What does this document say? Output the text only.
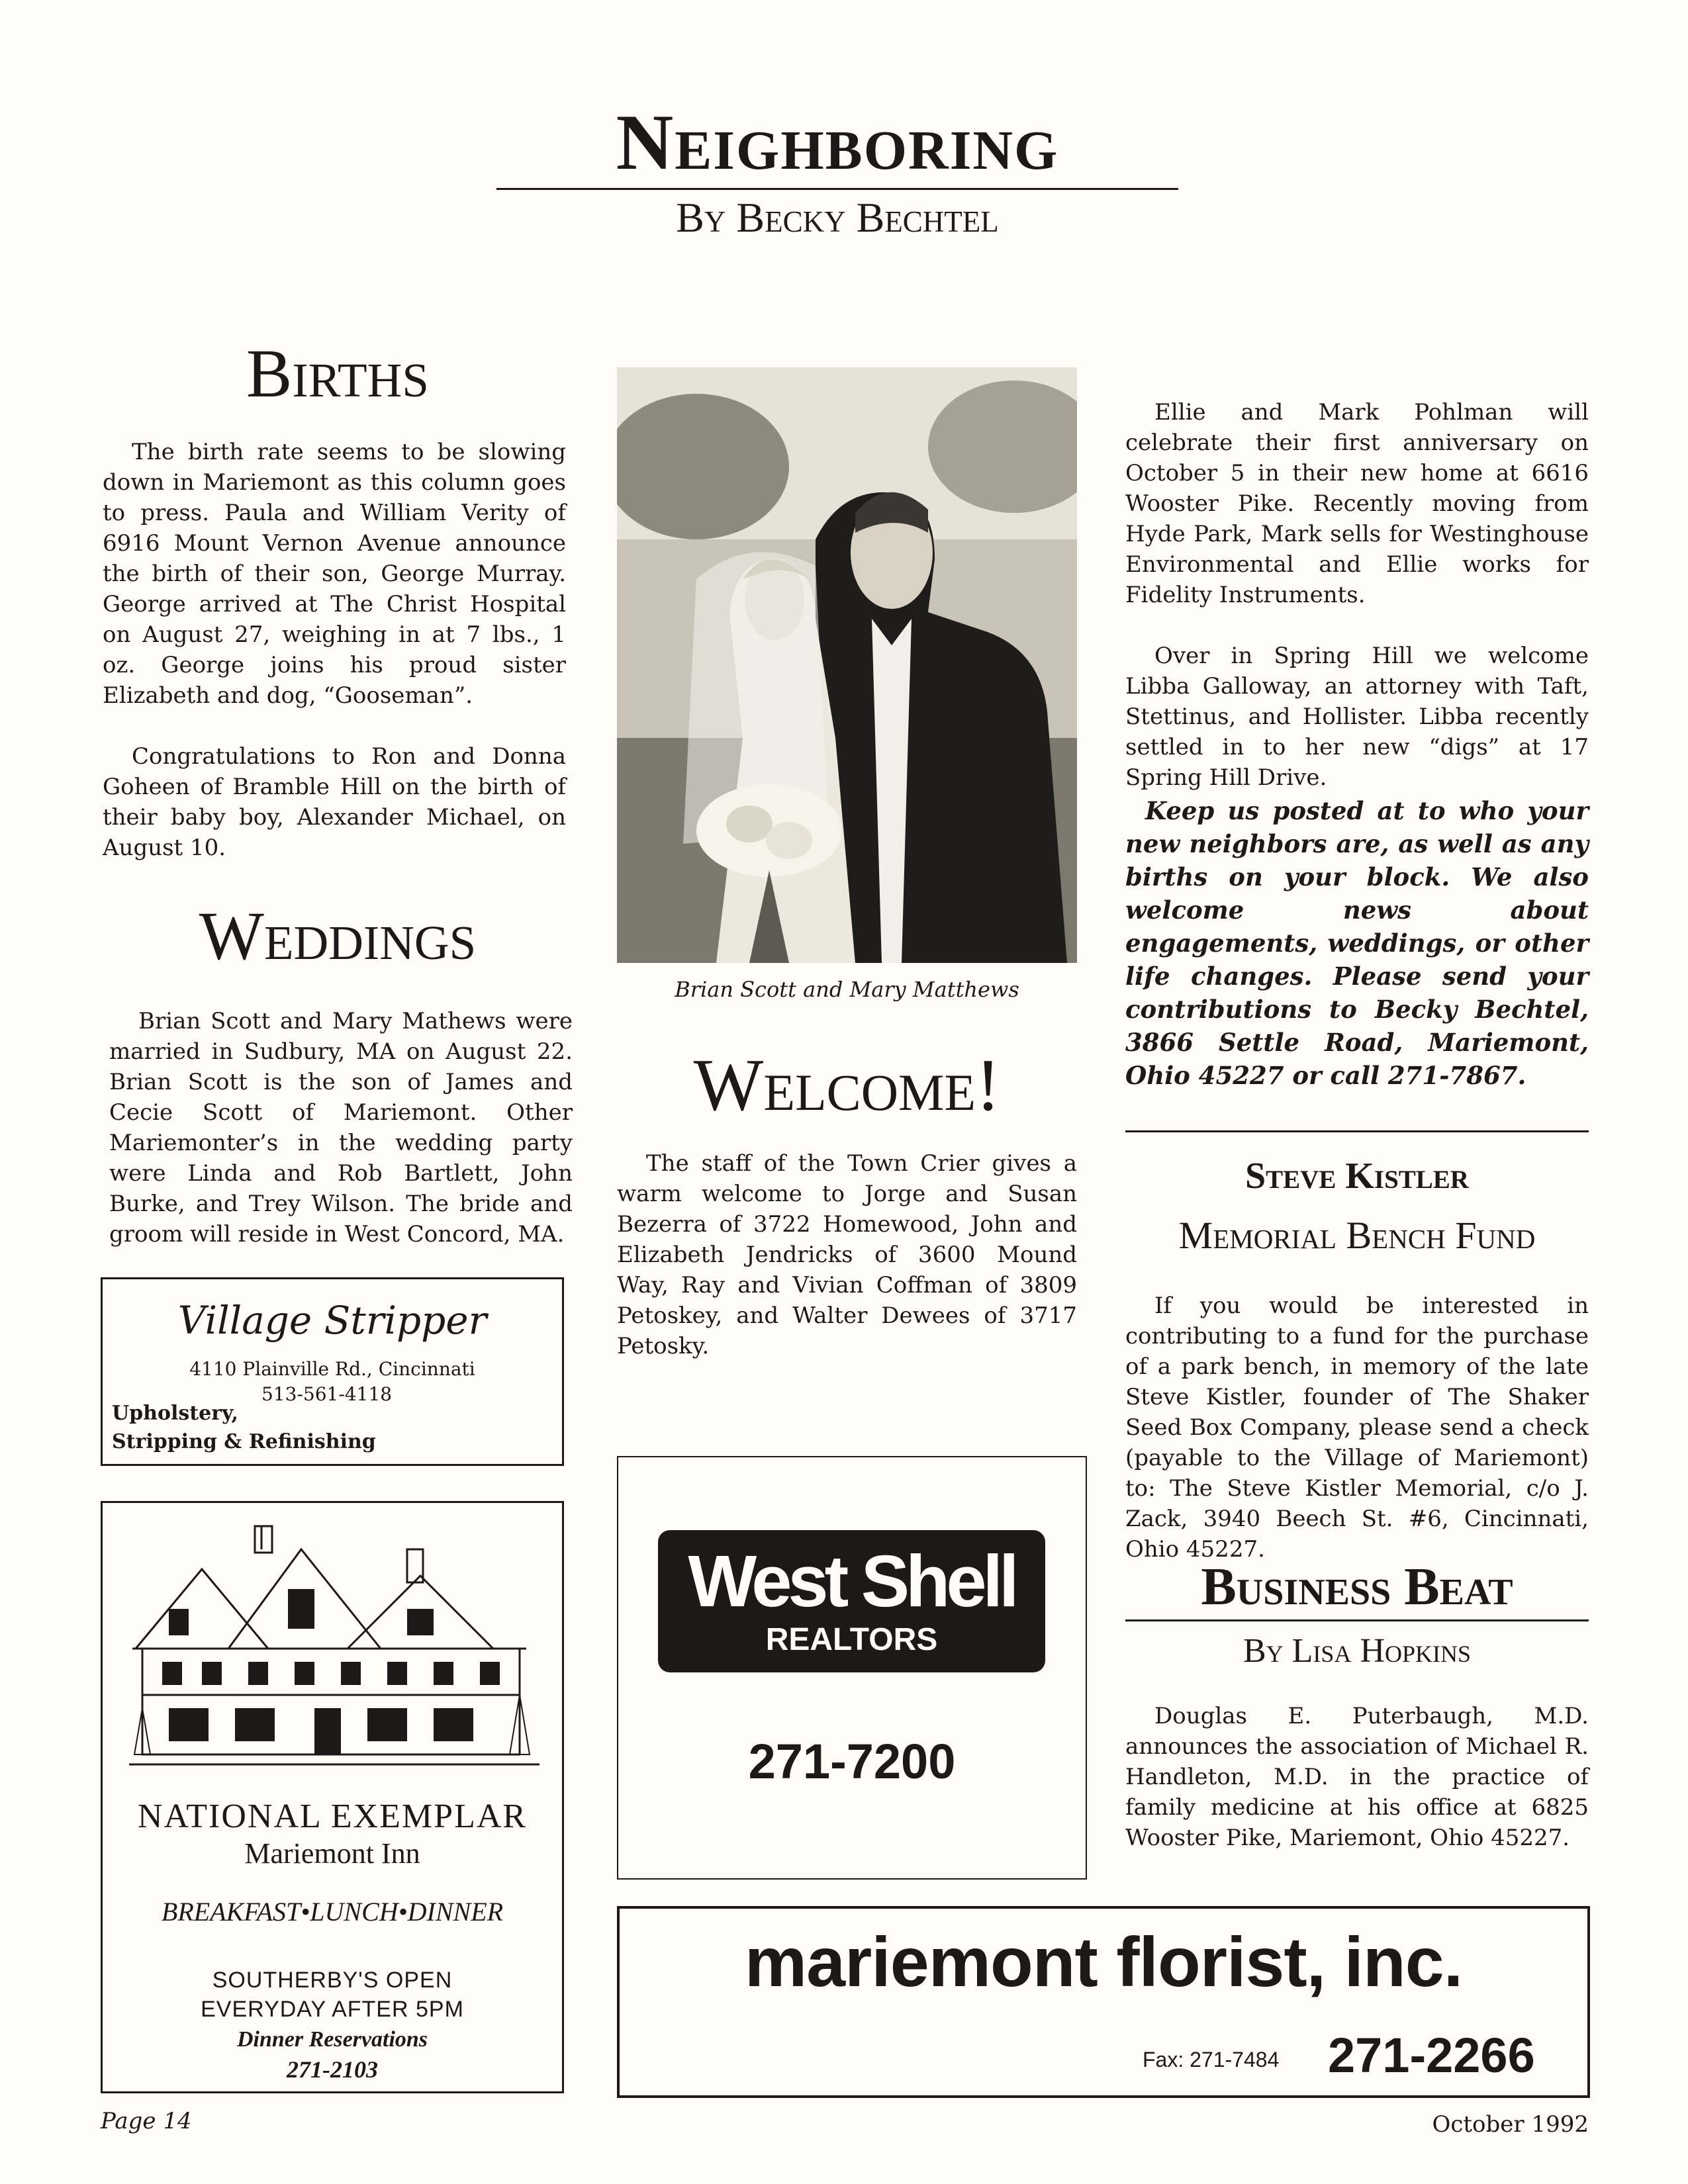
Neighboring
By Becky Bechtel
Births

The birth rate seems to be slowing down in Mariemont as this column goes to press. Paula and William Verity of 6916 Mount Vernon Avenue announce the birth of their son, George Murray. George arrived at The Christ Hospital on August 27, weighing in at 7 lbs., 1 oz. George joins his proud sister Elizabeth and dog, “Gooseman”.

Congratulations to Ron and Donna Goheen of Bramble Hill on the birth of their baby boy, Alexander Michael, on August 10.

Weddings

Brian Scott and Mary Mathews were married in Sudbury, MA on August 22. Brian Scott is the son of James and Cecie Scott of Mariemont. Other Mariemonter’s in the wedding party were Linda and Rob Bartlett, John Burke, and Trey Wilson. The bride and groom will reside in West Concord, MA.

Village Stripper
4110 Plainville Rd., Cincinnati
513-561-4118
Upholstery,
Stripping & Refinishing
NATIONAL EXEMPLAR
Mariemont Inn
BREAKFAST•LUNCH•DINNER
SOUTHERBY'S OPEN
EVERYDAY AFTER 5PM
Dinner Reservations
271-2103
Brian Scott and Mary Matthews
Welcome!

The staff of the Town Crier gives a warm welcome to Jorge and Susan Bezerra of 3722 Homewood, John and Elizabeth Jendricks of 3600 Mound Way, Ray and Vivian Coffman of 3809 Petoskey, and Walter Dewees of 3717 Petosky.

West Shell
REALTORS
271-7200

Ellie and Mark Pohlman will celebrate their first anniversary on October 5 in their new home at 6616 Wooster Pike. Recently moving from Hyde Park, Mark sells for Westinghouse Environmental and Ellie works for Fidelity Instruments.

Over in Spring Hill we welcome Libba Galloway, an attorney with Taft, Stettinus, and Hollister. Libba recently settled in to her new “digs” at 17 Spring Hill Drive.

Keep us posted at to who your new neighbors are, as well as any births on your block. We also welcome news about engagements, weddings, or other life changes. Please send your contributions to Becky Bechtel, 3866 Settle Road, Mariemont, Ohio 45227 or call 271-7867.
Steve Kistler
Memorial Bench Fund
If you would be interested in contributing to a fund for the purchase of a park bench, in memory of the late Steve Kistler, founder of The Shaker Seed Box Company, please send a check (payable to the Village of Mariemont) to: The Steve Kistler Memorial, c/o J. Zack, 3940 Beech St. #6, Cincinnati, Ohio 45227.
Business Beat
By Lisa Hopkins
Douglas E. Puterbaugh, M.D. announces the association of Michael R. Handleton, M.D. in the practice of family medicine at his office at 6825 Wooster Pike, Mariemont, Ohio 45227.
mariemont florist, inc.
Fax: 271-7484 271-2266
Page 14	October 1992
